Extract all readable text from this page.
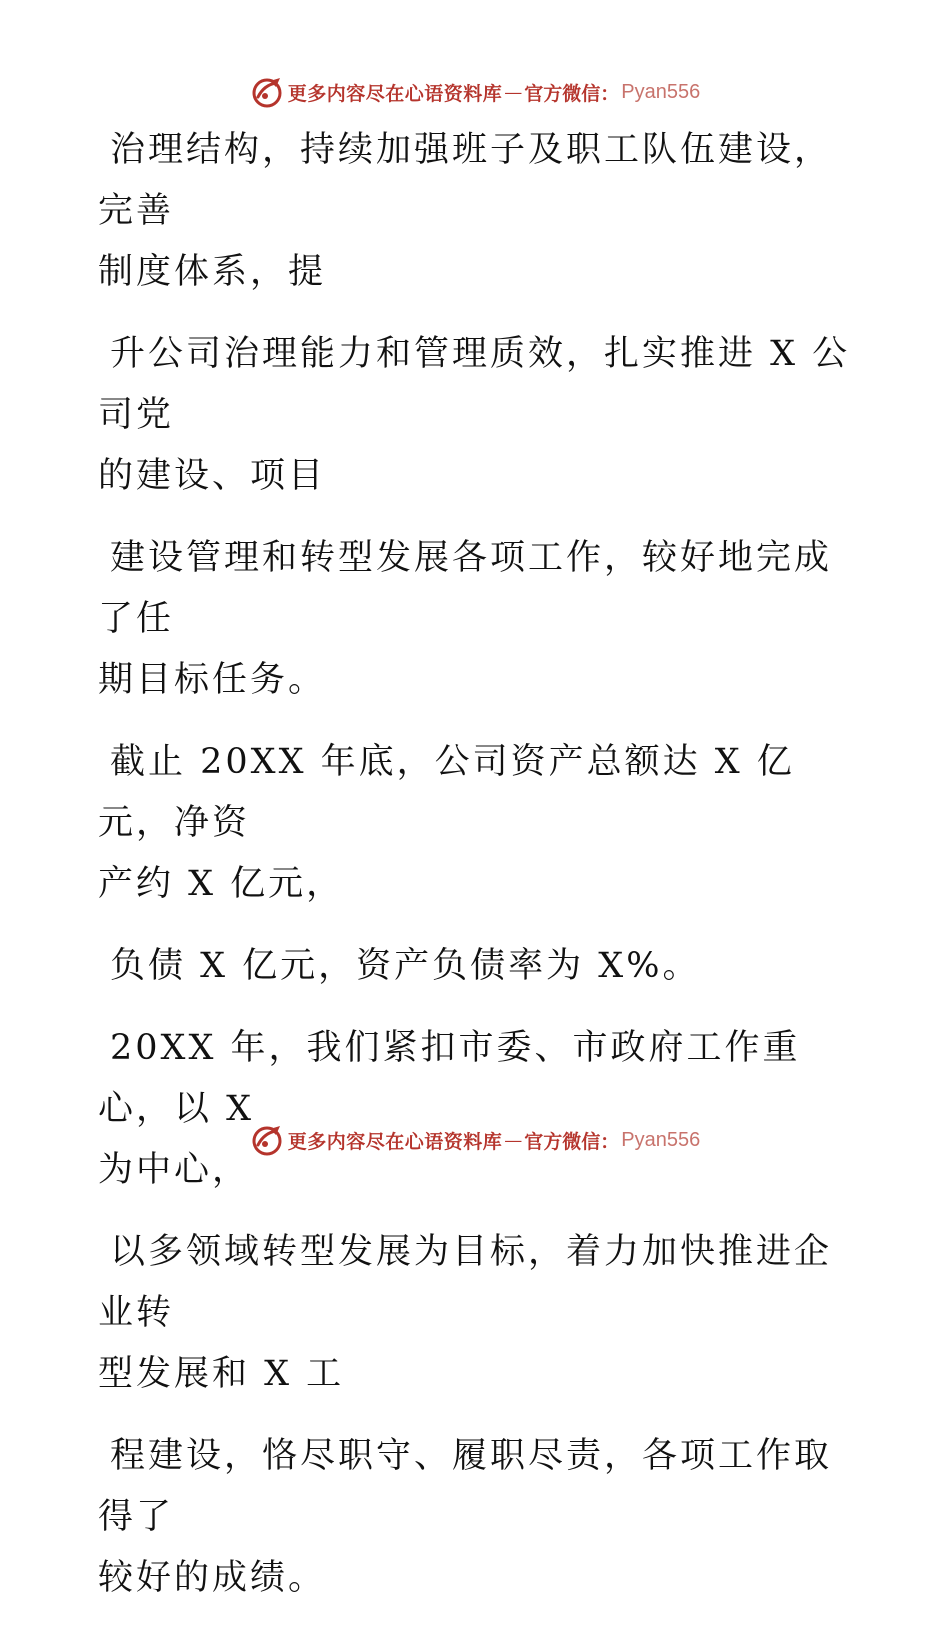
更多内容尽在心语资料库 — 官方微信： Pyan556

治理结构，持续加强班子及职工队伍建设，完善
制度体系，提

升公司治理能力和管理质效，扎实推进 X 公司党
的建设、项目

建设管理和转型发展各项工作，较好地完成了任
期目标任务。

截止 20XX 年底，公司资产总额达 X 亿元，净资
产约 X 亿元，

负债 X 亿元，资产负债率为 X%。

20XX 年，我们紧扣市委、市政府工作重心，以 X
为中心，

以多领域转型发展为目标，着力加快推进企业转
型发展和 X 工

程建设，恪尽职守、履职尽责，各项工作取得了
较好的成绩。

更多内容尽在心语资料库 — 官方微信： Pyan556
